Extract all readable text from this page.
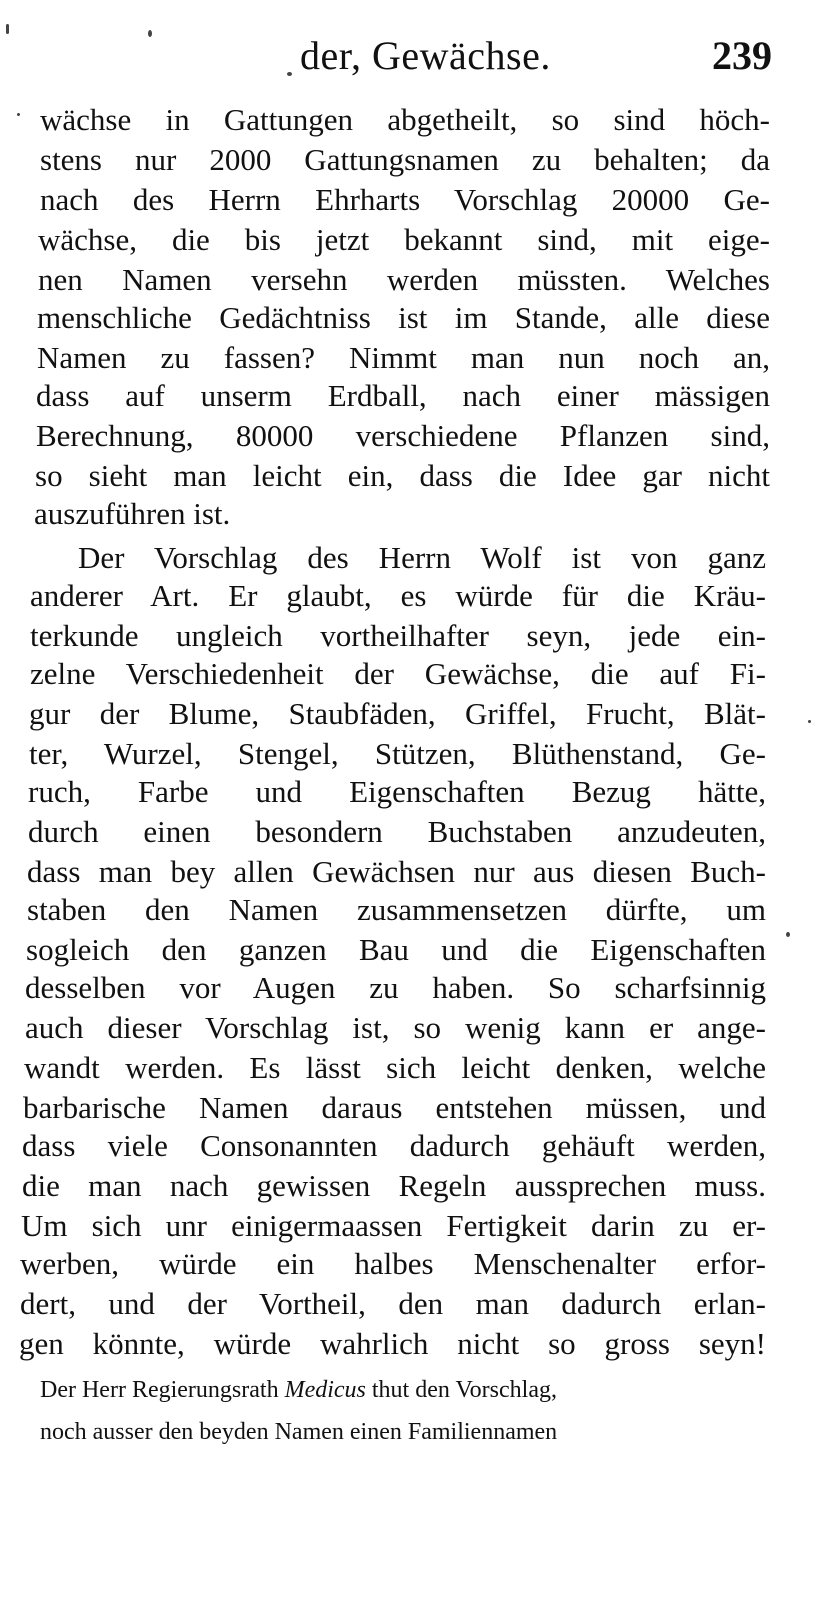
der, Gewächse.	239
wächse in Gattungen abgetheilt, so sind höch-
stens nur 2000 Gattungsnamen zu behalten; da
nach des Herrn Ehrharts Vorschlag 20000 Ge-
wächse, die bis jetzt bekannt sind, mit eige-
nen Namen versehn werden müssten. Welches
menschliche Gedächtniss ist im Stande, alle diese
Namen zu fassen? Nimmt man nun noch an,
dass auf unserm Erdball, nach einer mässigen
Berechnung, 80000 verschiedene Pflanzen sind,
so sieht man leicht ein, dass die Idee gar nicht
auszuführen ist.
Der Vorschlag des Herrn Wolf ist von ganz
anderer Art. Er glaubt, es würde für die Kräu-
terkunde ungleich vortheilhafter seyn, jede ein-
zelne Verschiedenheit der Gewächse, die auf Fi-
gur der Blume, Staubfäden, Griffel, Frucht, Blät-
ter, Wurzel, Stengel, Stützen, Blüthenstand, Ge-
ruch, Farbe und Eigenschaften Bezug hätte,
durch einen besondern Buchstaben anzudeuten,
dass man bey allen Gewächsen nur aus diesen Buch-
staben den Namen zusammensetzen dürfte, um
sogleich den ganzen Bau und die Eigenschaften
desselben vor Augen zu haben. So scharfsinnig
auch dieser Vorschlag ist, so wenig kann er ange-
wandt werden. Es lässt sich leicht denken, welche
barbarische Namen daraus entstehen müssen, und
dass viele Consonannten dadurch gehäuft werden,
die man nach gewissen Regeln aussprechen muss.
Um sich unr einigermaassen Fertigkeit darin zu er-
werben, würde ein halbes Menschenalter erfor-
dert, und der Vortheil, den man dadurch erlan-
gen könnte, würde wahrlich nicht so gross seyn!
Der Herr Regierungsrath Medicus thut den Vorschlag,
noch ausser den beyden Namen einen Familiennamen
